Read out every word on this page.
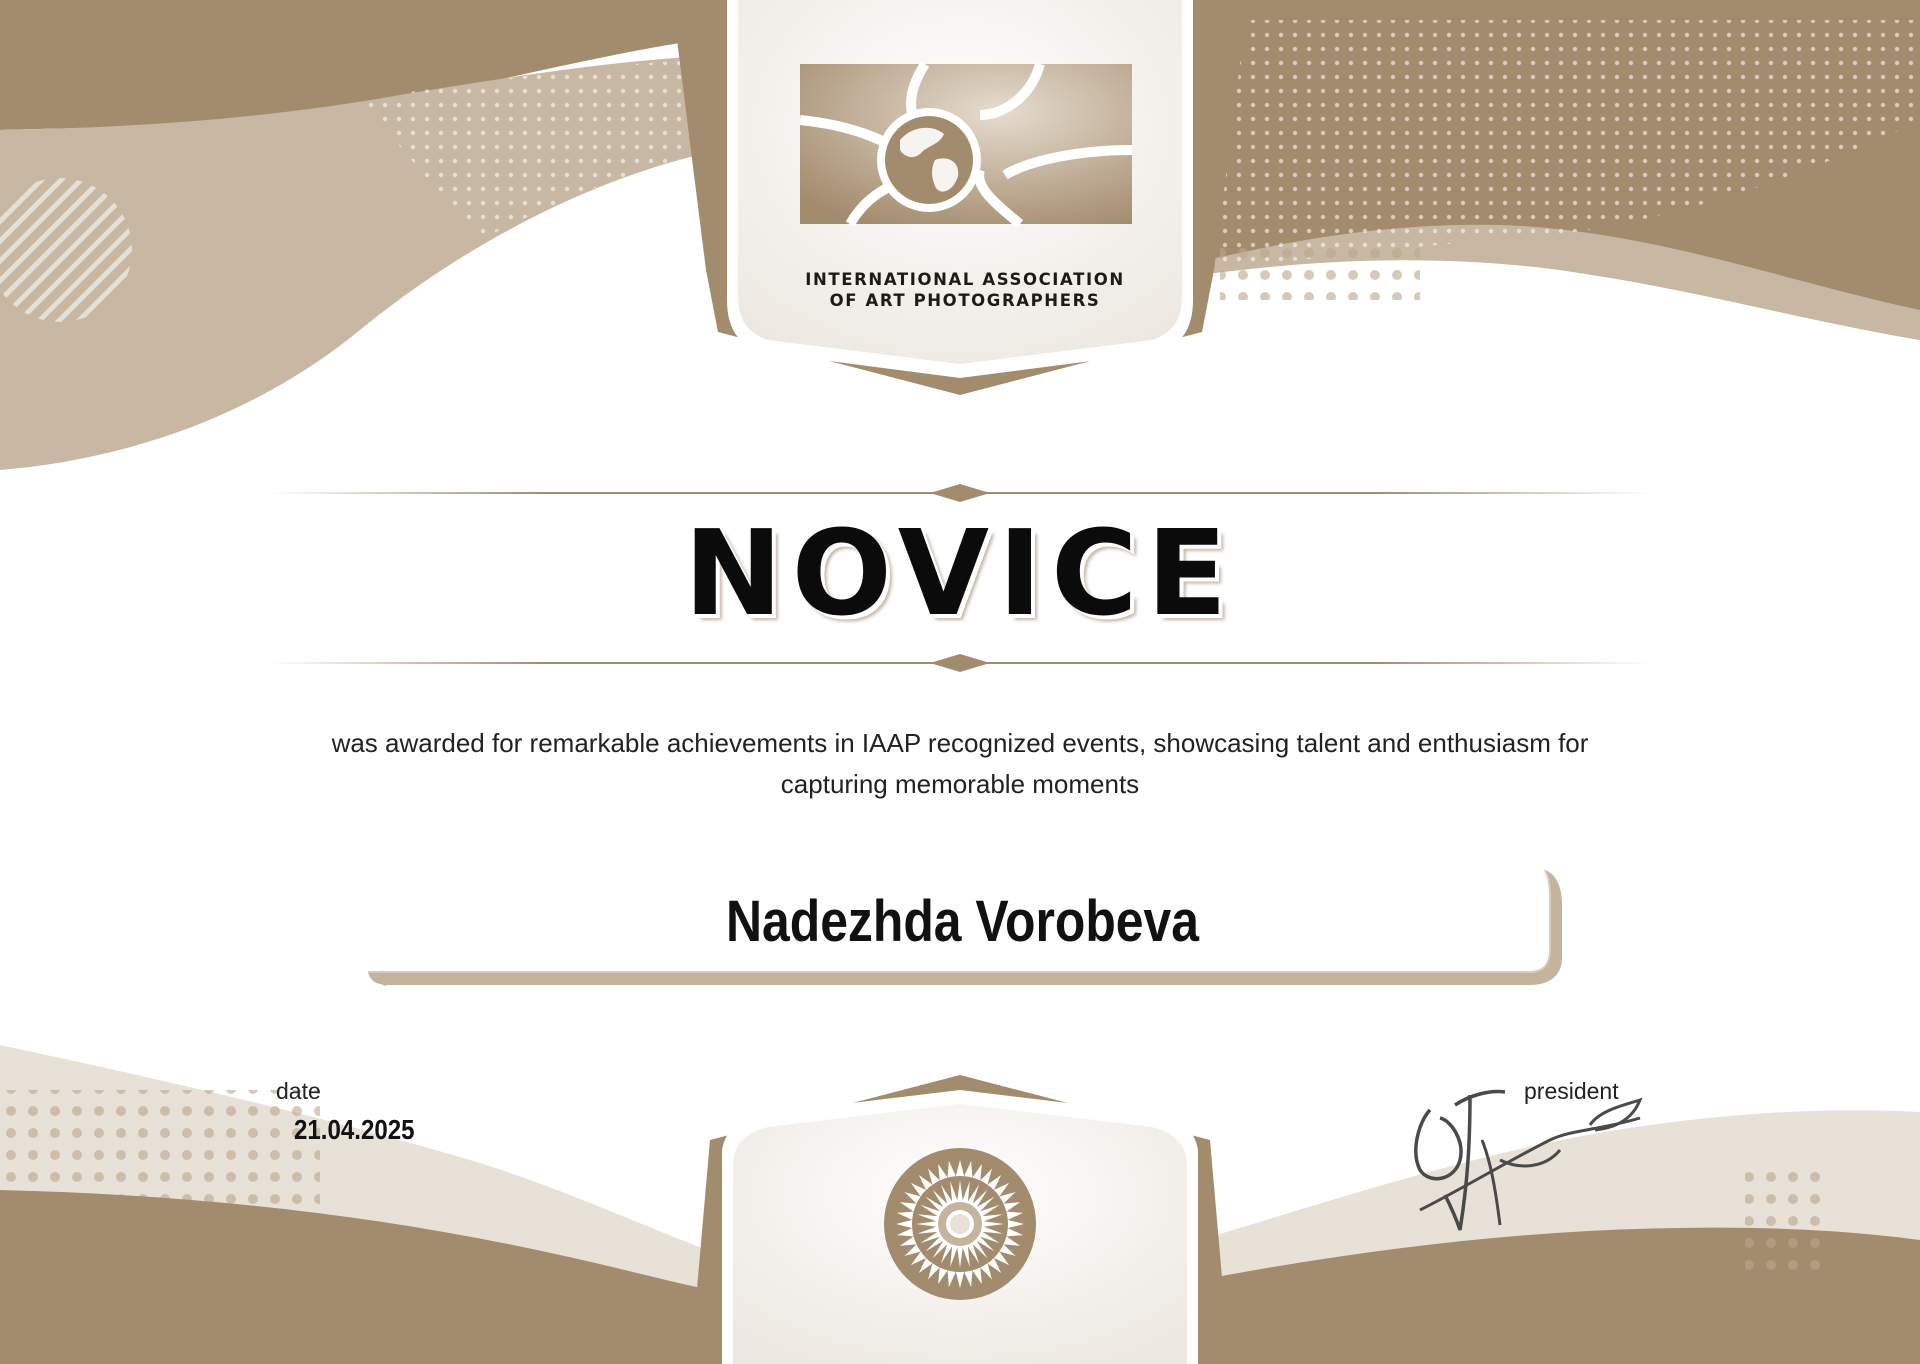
INTERNATIONAL ASSOCIATION
OF ART PHOTOGRAPHERS
NOVICE
was awarded for remarkable achievements in IAAP recognized events, showcasing talent and enthusiasm for capturing memorable moments
Nadezhda Vorobeva
date
21.04.2025
president
